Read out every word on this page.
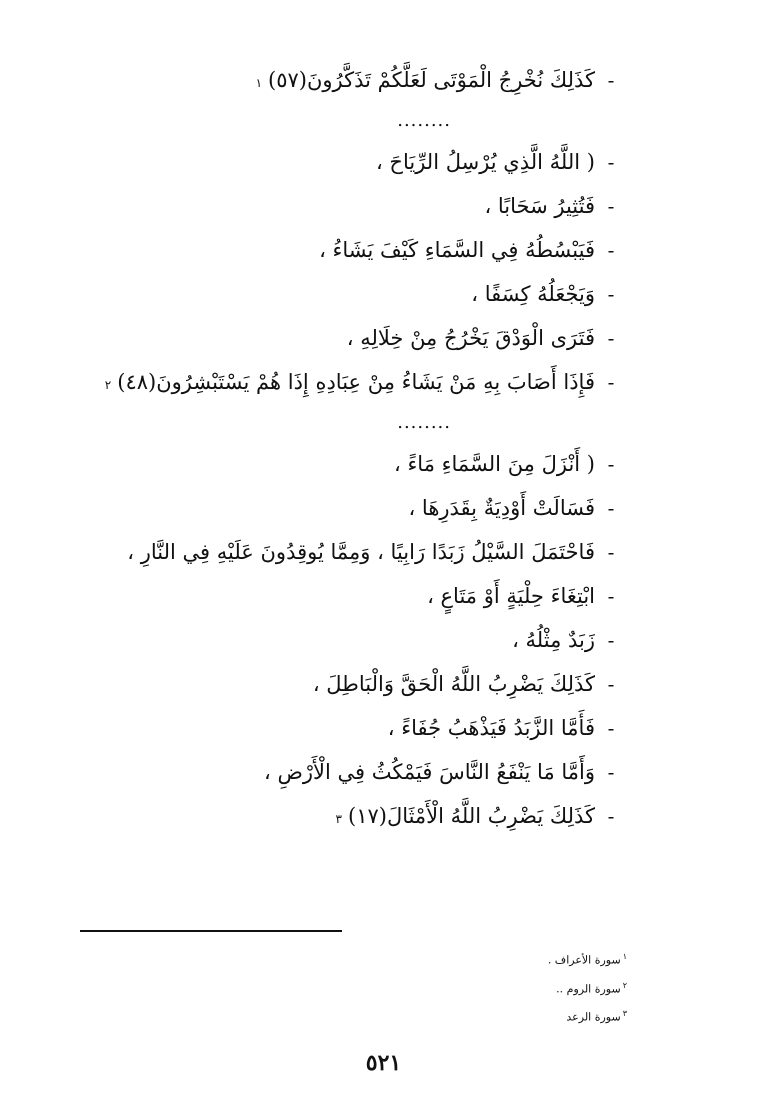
-
كَذَلِكَ نُخْرِجُ الْمَوْتَى لَعَلَّكُمْ تَذَكَّرُونَ(٥٧)
١
........
-
( اللَّهُ الَّذِي يُرْسِلُ الرِّيَاحَ ،
-
فَتُثِيرُ سَحَابًا ،
-
فَيَبْسُطُهُ فِي السَّمَاءِ كَيْفَ يَشَاءُ ،
-
وَيَجْعَلُهُ كِسَفًا ،
-
فَتَرَى الْوَدْقَ يَخْرُجُ مِنْ خِلَالِهِ ،
-
فَإِذَا أَصَابَ بِهِ مَنْ يَشَاءُ مِنْ عِبَادِهِ إِذَا هُمْ يَسْتَبْشِرُونَ(٤٨)
٢
........
-
( أَنْزَلَ مِنَ السَّمَاءِ مَاءً ،
-
فَسَالَتْ أَوْدِيَةٌ بِقَدَرِهَا ،
-
فَاحْتَمَلَ السَّيْلُ زَبَدًا رَابِيًا ، وَمِمَّا يُوقِدُونَ عَلَيْهِ فِي النَّارِ ،
-
ابْتِغَاءَ حِلْيَةٍ أَوْ مَتَاعٍ ،
-
زَبَدٌ مِثْلُهُ ،
-
كَذَلِكَ يَضْرِبُ اللَّهُ الْحَقَّ وَالْبَاطِلَ ،
-
فَأَمَّا الزَّبَدُ فَيَذْهَبُ جُفَاءً ،
-
وَأَمَّا مَا يَنْفَعُ النَّاسَ فَيَمْكُثُ فِي الْأَرْضِ ،
-
كَذَلِكَ يَضْرِبُ اللَّهُ الْأَمْثَالَ(١٧)
٣
$^١$سورة الأعراف .
$^٢$سورة الروم ..
$^٣$سورة الرعد
٥٢١
